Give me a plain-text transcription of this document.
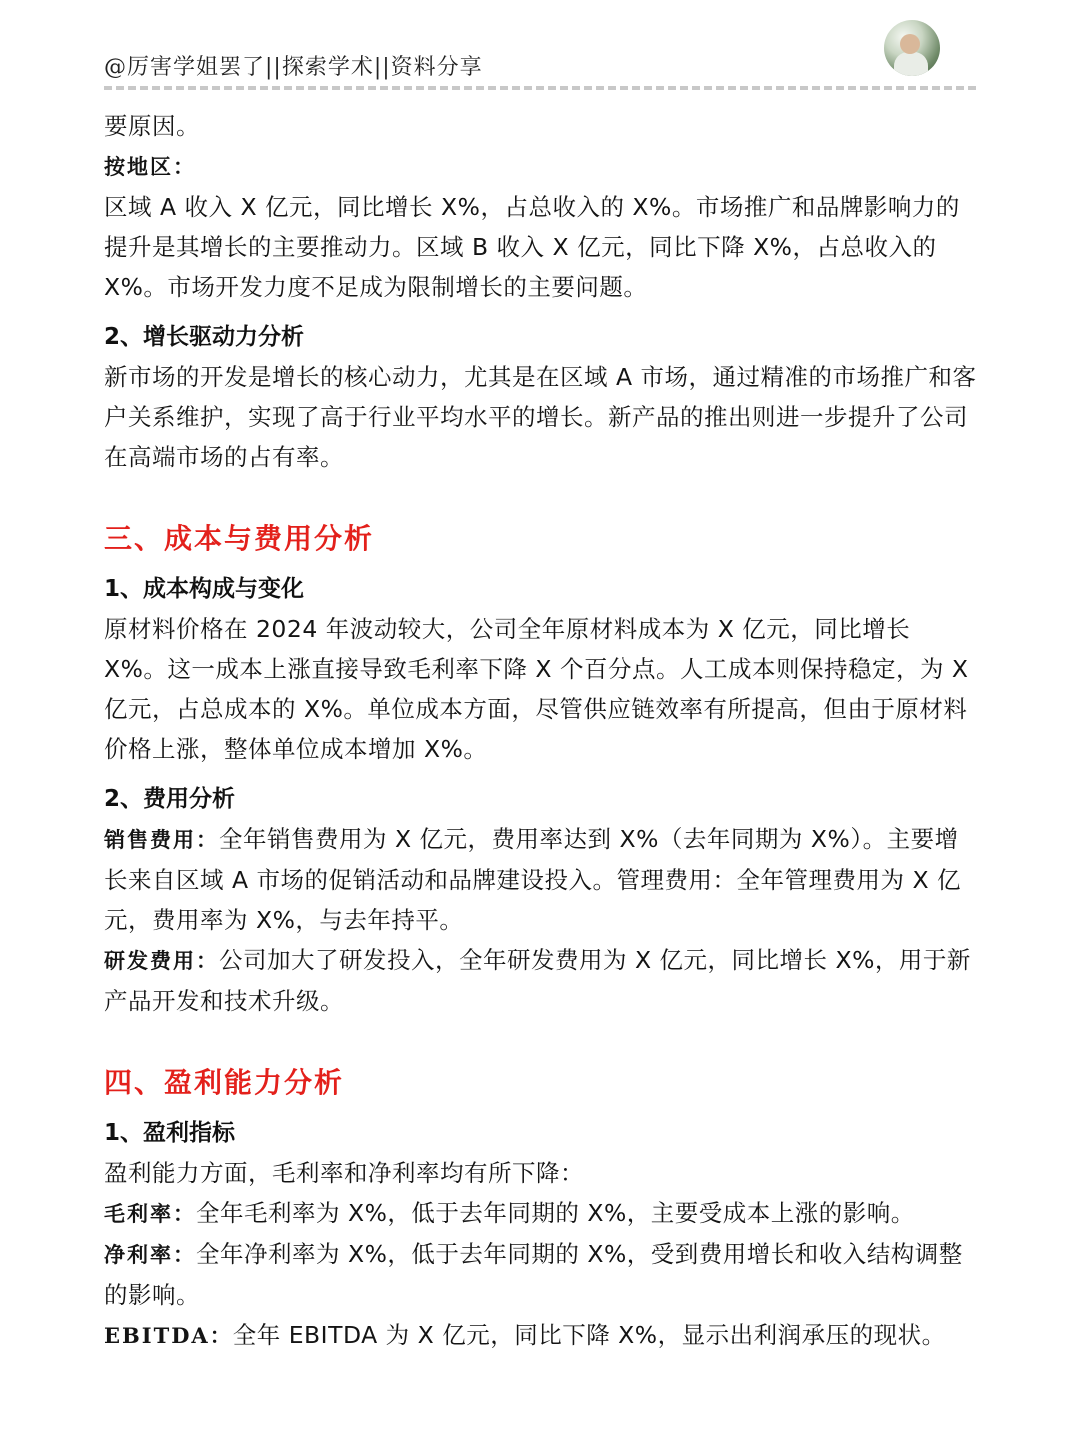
@厉害学姐罢了||探索学术||资料分享

要原因。

按地区：

区域 A 收入 X 亿元，同比增长 X%，占总收入的 X%。市场推广和品牌影响力的提升是其增长的主要推动力。区域 B 收入 X 亿元，同比下降 X%，占总收入的 X%。市场开发力度不足成为限制增长的主要问题。

2、增长驱动力分析

新市场的开发是增长的核心动力，尤其是在区域 A 市场，通过精准的市场推广和客户关系维护，实现了高于行业平均水平的增长。新产品的推出则进一步提升了公司在高端市场的占有率。

三、成本与费用分析
1、成本构成与变化

原材料价格在 2024 年波动较大，公司全年原材料成本为 X 亿元，同比增长 X%。这一成本上涨直接导致毛利率下降 X 个百分点。人工成本则保持稳定，为 X 亿元，占总成本的 X%。单位成本方面，尽管供应链效率有所提高，但由于原材料价格上涨，整体单位成本增加 X%。

2、费用分析

销售费用：全年销售费用为 X 亿元，费用率达到 X%（去年同期为 X%）。主要增长来自区域 A 市场的促销活动和品牌建设投入。管理费用：全年管理费用为 X 亿元，费用率为 X%，与去年持平。

研发费用：公司加大了研发投入，全年研发费用为 X 亿元，同比增长 X%，用于新产品开发和技术升级。

四、盈利能力分析
1、盈利指标

盈利能力方面，毛利率和净利率均有所下降：

毛利率：全年毛利率为 X%，低于去年同期的 X%，主要受成本上涨的影响。

净利率：全年净利率为 X%，低于去年同期的 X%，受到费用增长和收入结构调整的影响。

EBITDA：全年 EBITDA 为 X 亿元，同比下降 X%，显示出利润承压的现状。
